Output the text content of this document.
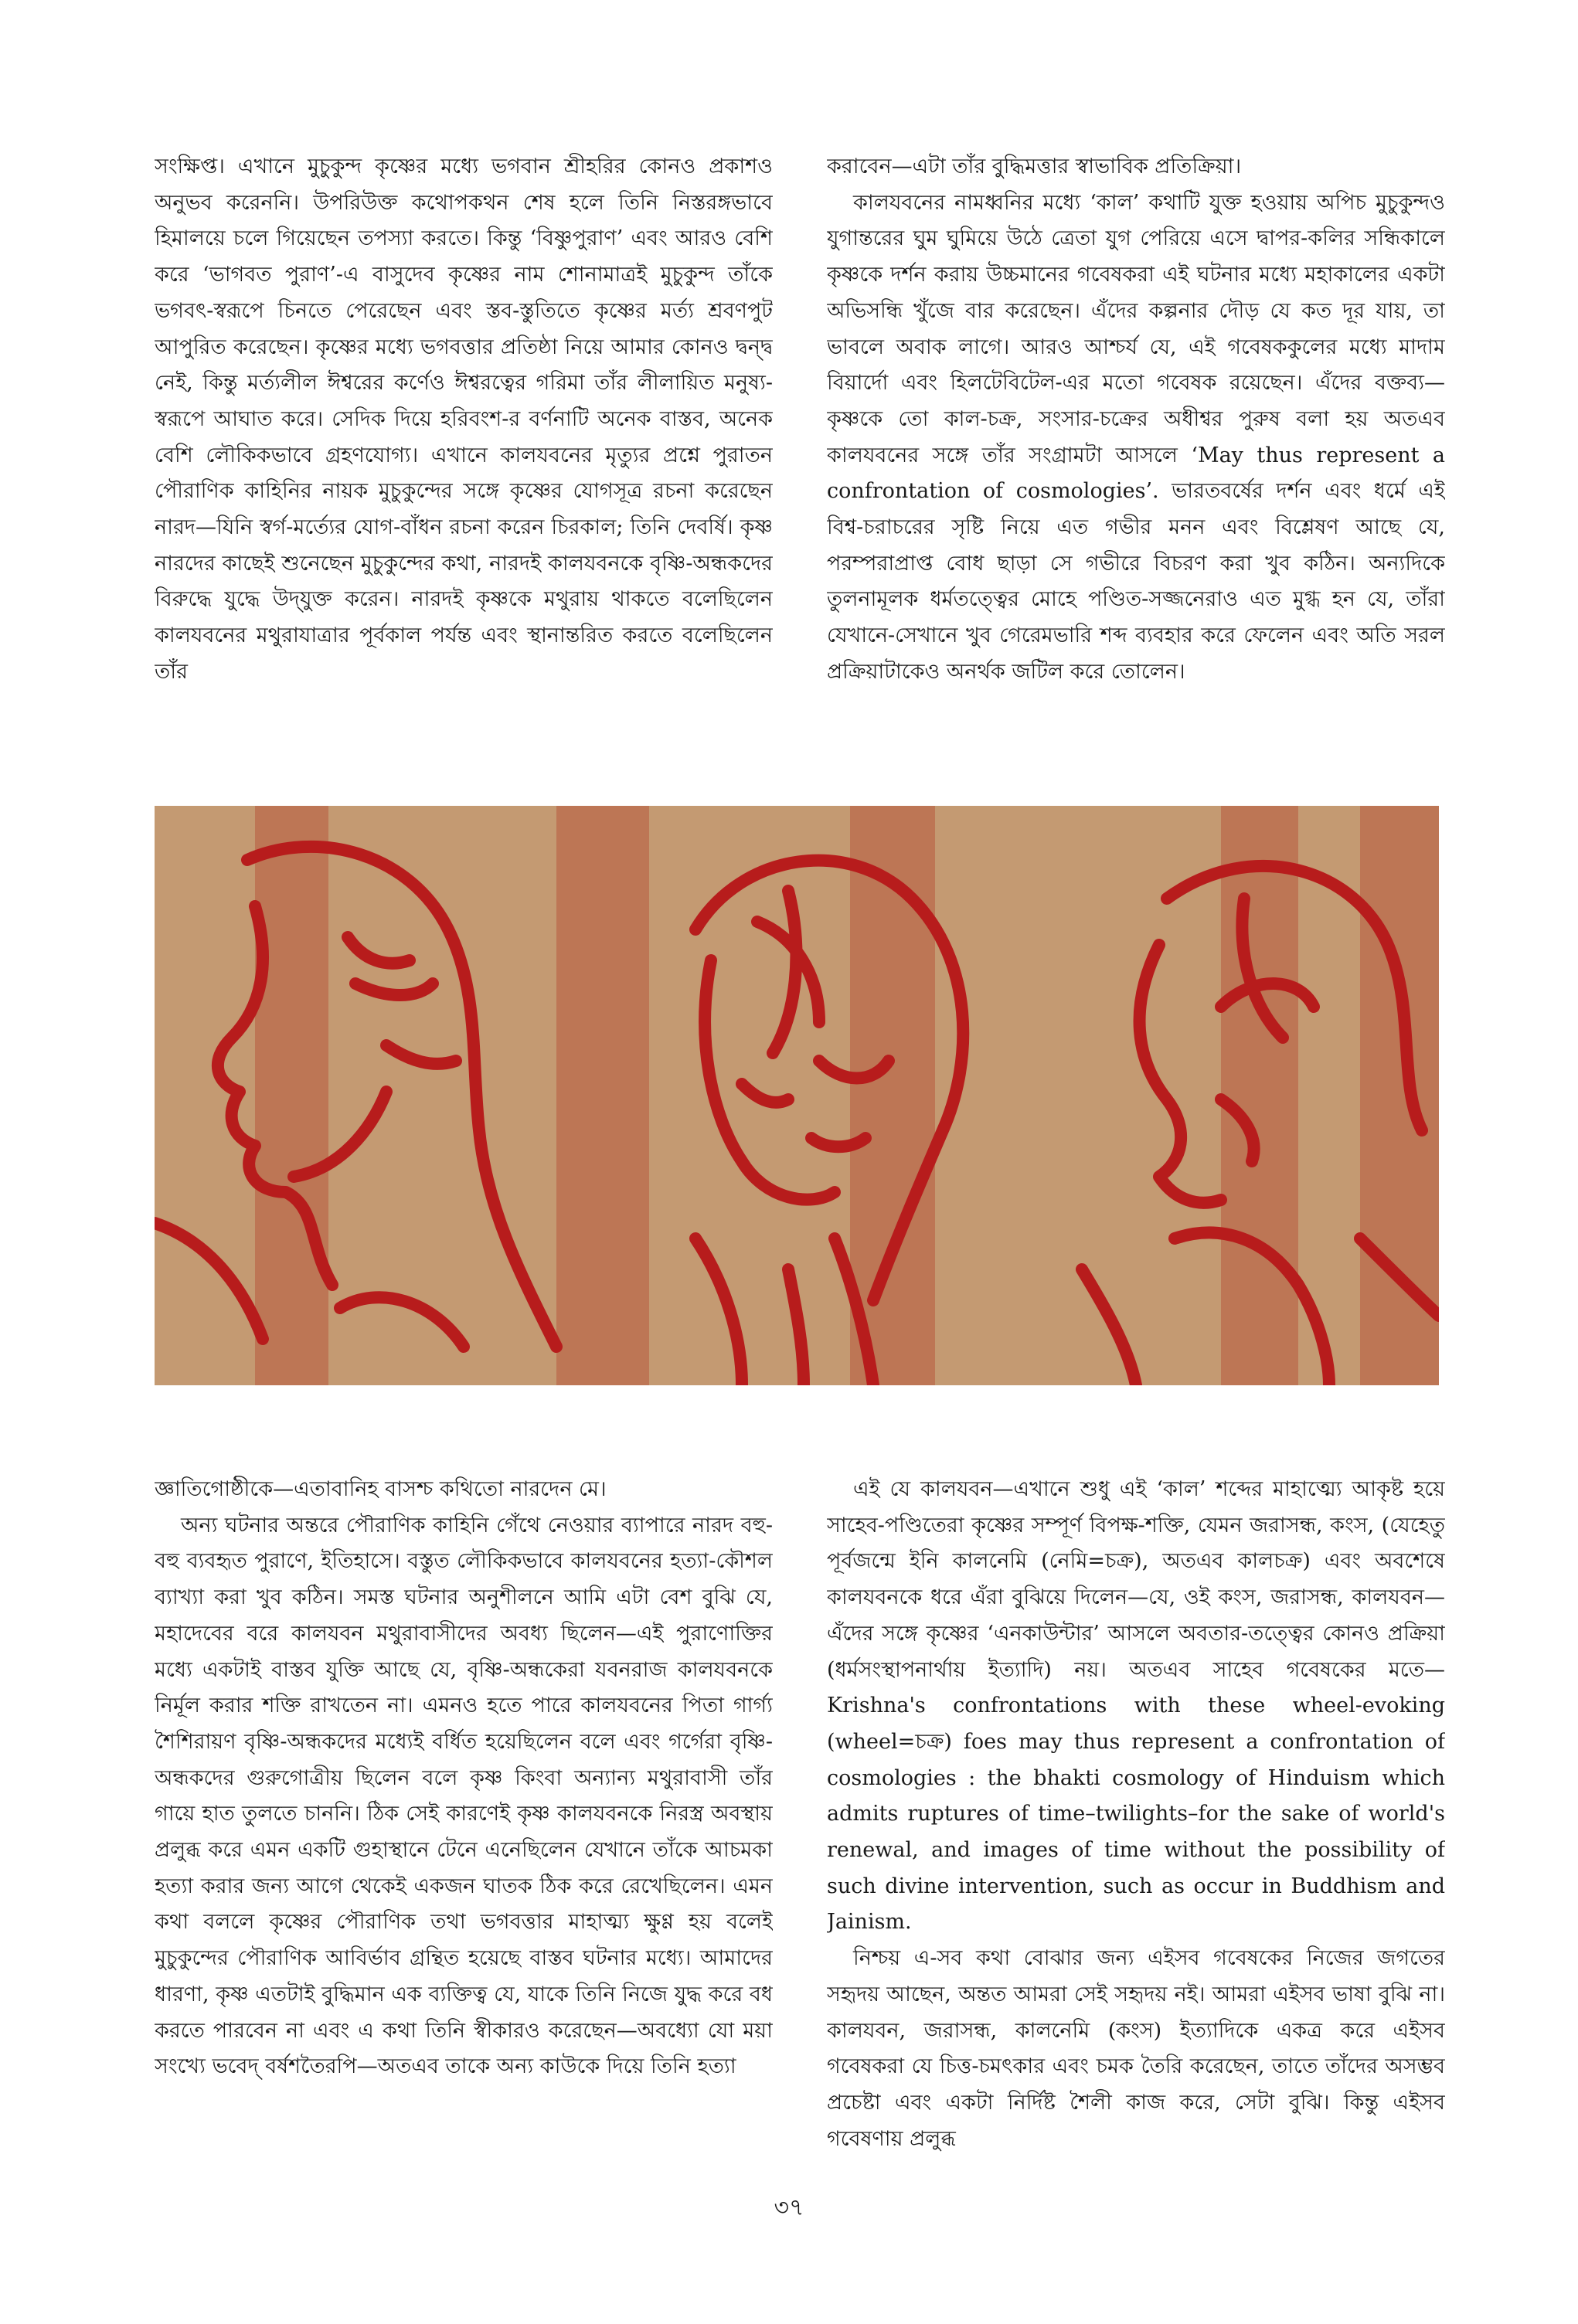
সংক্ষিপ্ত। এখানে মুচুকুন্দ কৃষ্ণের মধ্যে ভগবান শ্রীহরির কোনও প্রকাশও অনুভব করেননি। উপরিউক্ত কথোপকথন শেষ হলে তিনি নিস্তরঙ্গভাবে হিমালয়ে চলে গিয়েছেন তপস্যা করতে। কিন্তু ‘বিষ্ণুপুরাণ’ এবং আরও বেশি করে ‘ভাগবত পুরাণ’-এ বাসুদেব কৃষ্ণের নাম শোনামাত্রই মুচুকুন্দ তাঁকে ভগবৎ-স্বরূপে চিনতে পেরেছেন এবং স্তব-স্তুতিতে কৃষ্ণের মর্ত্য শ্রবণপুট আপুরিত করেছেন। কৃষ্ণের মধ্যে ভগবত্তার প্রতিষ্ঠা নিয়ে আমার কোনও দ্বন্দ্ব নেই, কিন্তু মর্ত্যলীল ঈশ্বরের কর্ণেও ঈশ্বরত্বের গরিমা তাঁর লীলায়িত মনুষ্য-স্বরূপে আঘাত করে। সেদিক দিয়ে হরিবংশ-র বর্ণনাটি অনেক বাস্তব, অনেক বেশি লৌকিকভাবে গ্রহণযোগ্য। এখানে কালযবনের মৃত্যুর প্রশ্নে পুরাতন পৌরাণিক কাহিনির নায়ক মুচুকুন্দের সঙ্গে কৃষ্ণের যোগসূত্র রচনা করেছেন নারদ—যিনি স্বর্গ-মর্ত্যের যোগ-বাঁধন রচনা করেন চিরকাল; তিনি দেবর্ষি। কৃষ্ণ নারদের কাছেই শুনেছেন মুচুকুন্দের কথা, নারদই কালযবনকে বৃষ্ণি-অন্ধকদের বিরুদ্ধে যুদ্ধে উদ্‌যুক্ত করেন। নারদই কৃষ্ণকে মথুরায় থাকতে বলেছিলেন কালযবনের মথুরাযাত্রার পূর্বকাল পর্যন্ত এবং স্থানান্তরিত করতে বলেছিলেন তাঁর

করাবেন—এটা তাঁর বুদ্ধিমত্তার স্বাভাবিক প্রতিক্রিয়া।

কালযবনের নামধ্বনির মধ্যে ‘কাল’ কথাটি যুক্ত হওয়ায় অপিচ মুচুকুন্দও যুগান্তরের ঘুম ঘুমিয়ে উঠে ত্রেতা যুগ পেরিয়ে এসে দ্বাপর-কলির সন্ধিকালে কৃষ্ণকে দর্শন করায় উচ্চমানের গবেষকরা এই ঘটনার মধ্যে মহাকালের একটা অভিসন্ধি খুঁজে বার করেছেন। এঁদের কল্পনার দৌড় যে কত দূর যায়, তা ভাবলে অবাক লাগে। আরও আশ্চর্য যে, এই গবেষককুলের মধ্যে মাদাম বিয়ার্দো এবং হিলটেবিটেল-এর মতো গবেষক রয়েছেন। এঁদের বক্তব্য—কৃষ্ণকে তো কাল-চক্র, সংসার-চক্রের অধীশ্বর পুরুষ বলা হয় অতএব কালযবনের সঙ্গে তাঁর সংগ্রামটা আসলে ‘May thus represent a confrontation of cosmologies’. ভারতবর্ষের দর্শন এবং ধর্মে এই বিশ্ব-চরাচরের সৃষ্টি নিয়ে এত গভীর মনন এবং বিশ্লেষণ আছে যে, পরম্পরাপ্রাপ্ত বোধ ছাড়া সে গভীরে বিচরণ করা খুব কঠিন। অন্যদিকে তুলনামূলক ধর্মতত্ত্বের মোহে পণ্ডিত-সজ্জনেরাও এত মুগ্ধ হন যে, তাঁরা যেখানে-সেখানে খুব গেরেমভারি শব্দ ব্যবহার করে ফেলেন এবং অতি সরল প্রক্রিয়াটাকেও অনর্থক জটিল করে তোলেন।

জ্ঞাতিগোষ্ঠীকে—এতাবানিহ বাসশ্চ কথিতো নারদেন মে।

অন্য ঘটনার অন্তরে পৌরাণিক কাহিনি গেঁথে নেওয়ার ব্যাপারে নারদ বহু-বহু ব্যবহৃত পুরাণে, ইতিহাসে। বস্তুত লৌকিকভাবে কালযবনের হত্যা-কৌশল ব্যাখ্যা করা খুব কঠিন। সমস্ত ঘটনার অনুশীলনে আমি এটা বেশ বুঝি যে, মহাদেবের বরে কালযবন মথুরাবাসীদের অবধ্য ছিলেন—এই পুরাণোক্তির মধ্যে একটাই বাস্তব যুক্তি আছে যে, বৃষ্ণি-অন্ধকেরা যবনরাজ কালযবনকে নির্মূল করার শক্তি রাখতেন না। এমনও হতে পারে কালযবনের পিতা গার্গ্য শৈশিরায়ণ বৃষ্ণি-অন্ধকদের মধ্যেই বর্ধিত হয়েছিলেন বলে এবং গর্গেরা বৃষ্ণি-অন্ধকদের গুরুগোত্রীয় ছিলেন বলে কৃষ্ণ কিংবা অন্যান্য মথুরাবাসী তাঁর গায়ে হাত তুলতে চাননি। ঠিক সেই কারণেই কৃষ্ণ কালযবনকে নিরস্ত্র অবস্থায় প্রলুব্ধ করে এমন একটি গুহাস্থানে টেনে এনেছিলেন যেখানে তাঁকে আচমকা হত্যা করার জন্য আগে থেকেই একজন ঘাতক ঠিক করে রেখেছিলেন। এমন কথা বললে কৃষ্ণের পৌরাণিক তথা ভগবত্তার মাহাত্ম্য ক্ষুণ্ণ হয় বলেই মুচুকুন্দের পৌরাণিক আবির্ভাব গ্রন্থিত হয়েছে বাস্তব ঘটনার মধ্যে। আমাদের ধারণা, কৃষ্ণ এতটাই বুদ্ধিমান এক ব্যক্তিত্ব যে, যাকে তিনি নিজে যুদ্ধ করে বধ করতে পারবেন না এবং এ কথা তিনি স্বীকারও করেছেন—অবধ্যো যো ময়া সংখ্যে ভবেদ্ বর্ষশতৈরপি—অতএব তাকে অন্য কাউকে দিয়ে তিনি হত্যা

এই যে কালযবন—এখানে শুধু এই ‘কাল’ শব্দের মাহাত্ম্যে আকৃষ্ট হয়ে সাহেব-পণ্ডিতেরা কৃষ্ণের সম্পূর্ণ বিপক্ষ-শক্তি, যেমন জরাসন্ধ, কংস, (যেহেতু পূর্বজন্মে ইনি কালনেমি (নেমি=চক্র), অতএব কালচক্র) এবং অবশেষে কালযবনকে ধরে এঁরা বুঝিয়ে দিলেন—যে, ওই কংস, জরাসন্ধ, কালযবন—এঁদের সঙ্গে কৃষ্ণের ‘এনকাউন্টার’ আসলে অবতার-তত্ত্বের কোনও প্রক্রিয়া (ধর্মসংস্থাপনার্থায় ইত্যাদি) নয়। অতএব সাহেব গবেষকের মতে—Krishna's confrontations with these wheel-evoking (wheel=চক্র) foes may thus represent a confrontation of cosmologies : the bhakti cosmology of Hinduism which admits ruptures of time–twilights–for the sake of world's renewal, and images of time without the possibility of such divine intervention, such as occur in Buddhism and Jainism.

নিশ্চয় এ-সব কথা বোঝার জন্য এইসব গবেষকের নিজের জগতের সহৃদয় আছেন, অন্তত আমরা সেই সহৃদয় নই। আমরা এইসব ভাষা বুঝি না। কালযবন, জরাসন্ধ, কালনেমি (কংস) ইত্যাদিকে একত্র করে এইসব গবেষকরা যে চিত্ত-চমৎকার এবং চমক তৈরি করেছেন, তাতে তাঁদের অসম্ভব প্রচেষ্টা এবং একটা নির্দিষ্ট শৈলী কাজ করে, সেটা বুঝি। কিন্তু এইসব গবেষণায় প্রলুব্ধ

৩৭
